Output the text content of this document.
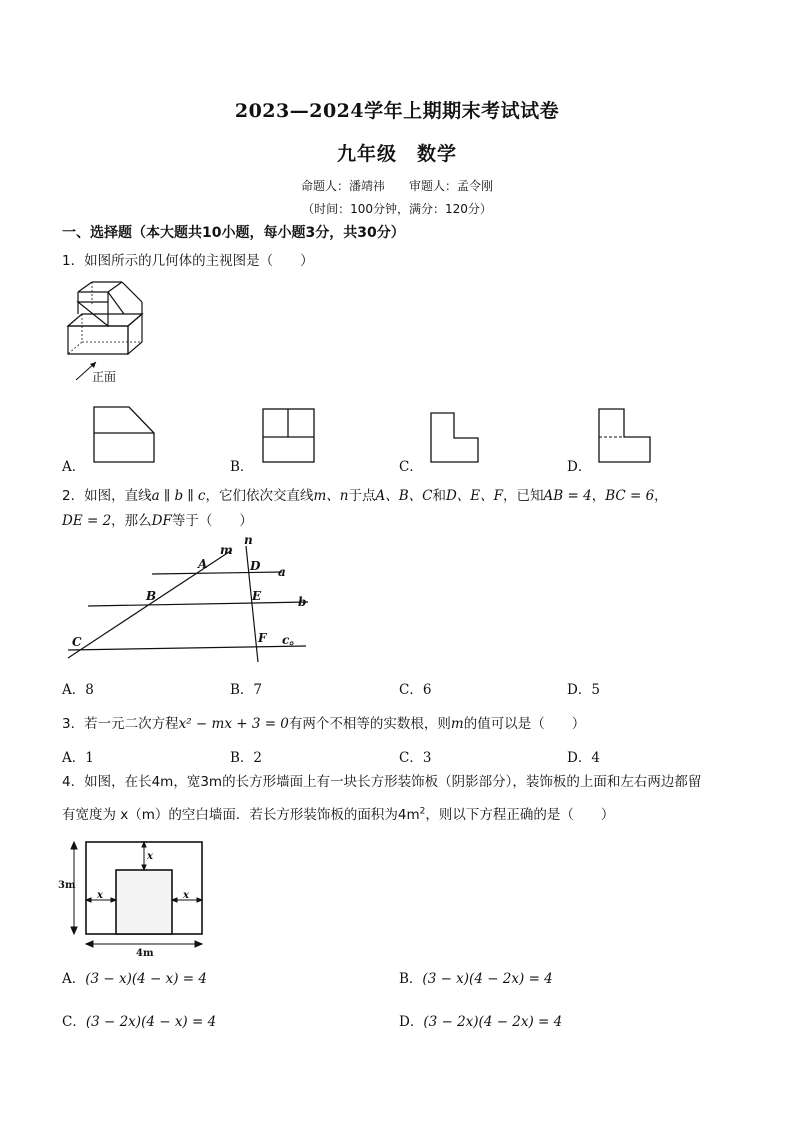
2023—2024学年上期期末考试试卷
九年级　数学
命题人：潘靖祎　　审题人：孟令刚
（时间：100分钟，满分：120分）
一、选择题（本大题共10小题，每小题3分，共30分）
1．如图所示的几何体的主视图是（　　）
正面
A．	B．	C．	D．
2．如图，直线a ∥ b ∥ c，它们依次交直线m、n于点A、B、C和D、E、F，已知AB = 4，BC = 6，
DE = 2，那么DF等于（　　）
m
n
A	D a
B	E	b
C	F c。
A．8	B．7	C．6	D．5
3．若一元二次方程x² − mx + 3 = 0有两个不相等的实数根，则m的值可以是（　　）
A．1	B．2	C．3	D．4
4．如图，在长4m，宽3m的长方形墙面上有一块长方形装饰板（阴影部分），装饰板的上面和左右两边都留
有宽度为 x（m）的空白墙面．若长方形装饰板的面积为$4m^2$，则以下方程正确的是（　　）
3m
4m
x
x	x
A．(3 − x)(4 − x) = 4	B．(3 − x)(4 − 2x) = 4
C．(3 − 2x)(4 − x) = 4	D．(3 − 2x)(4 − 2x) = 4
